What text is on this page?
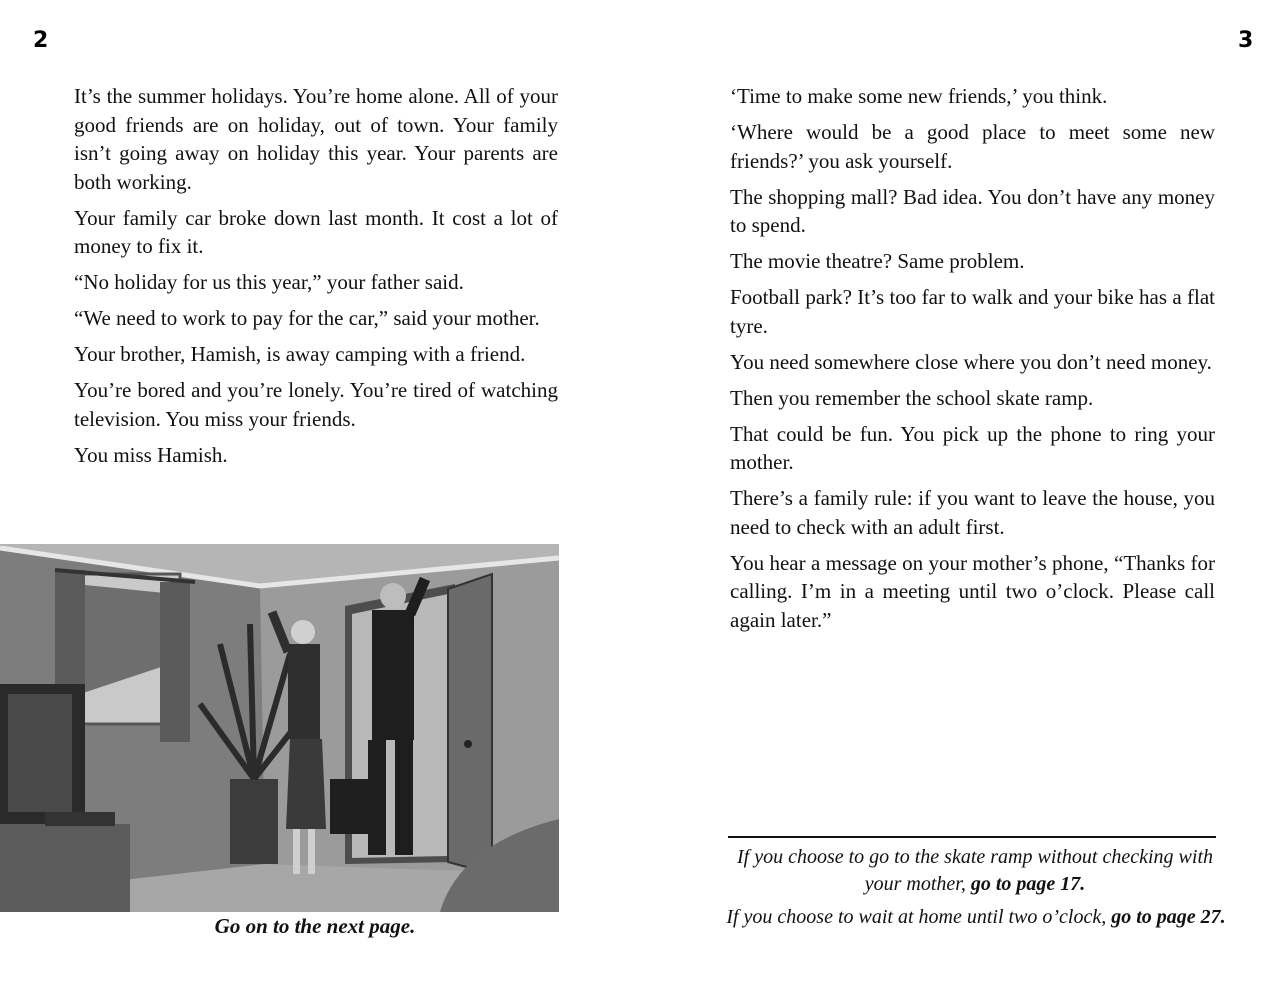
2	3

It’s the summer holidays. You’re home alone. All of your good friends are on holiday, out of town. Your family isn’t going away on holiday this year. Your parents are both working.

Your family car broke down last month. It cost a lot of money to fix it.

“No holiday for us this year,” your father said.

“We need to work to pay for the car,” said your mother.

Your brother, Hamish, is away camping with a friend.

You’re bored and you’re lonely. You’re tired of watching television. You miss your friends.

You miss Hamish.

Go on to the next page.

‘Time to make some new friends,’ you think.

‘Where would be a good place to meet some new friends?’ you ask yourself.

The shopping mall? Bad idea. You don’t have any money to spend.

The movie theatre? Same problem.

Football park? It’s too far to walk and your bike has a flat tyre.

You need somewhere close where you don’t need money.

Then you remember the school skate ramp.

That could be fun. You pick up the phone to ring your mother.

There’s a family rule: if you want to leave the house, you need to check with an adult first.

You hear a message on your mother’s phone, “Thanks for calling. I’m in a meeting until two o’clock. Please call again later.”

If you choose to go to the skate ramp without checking with your mother, go to page 17.
If you choose to wait at home until two o’clock, go to page 27.
